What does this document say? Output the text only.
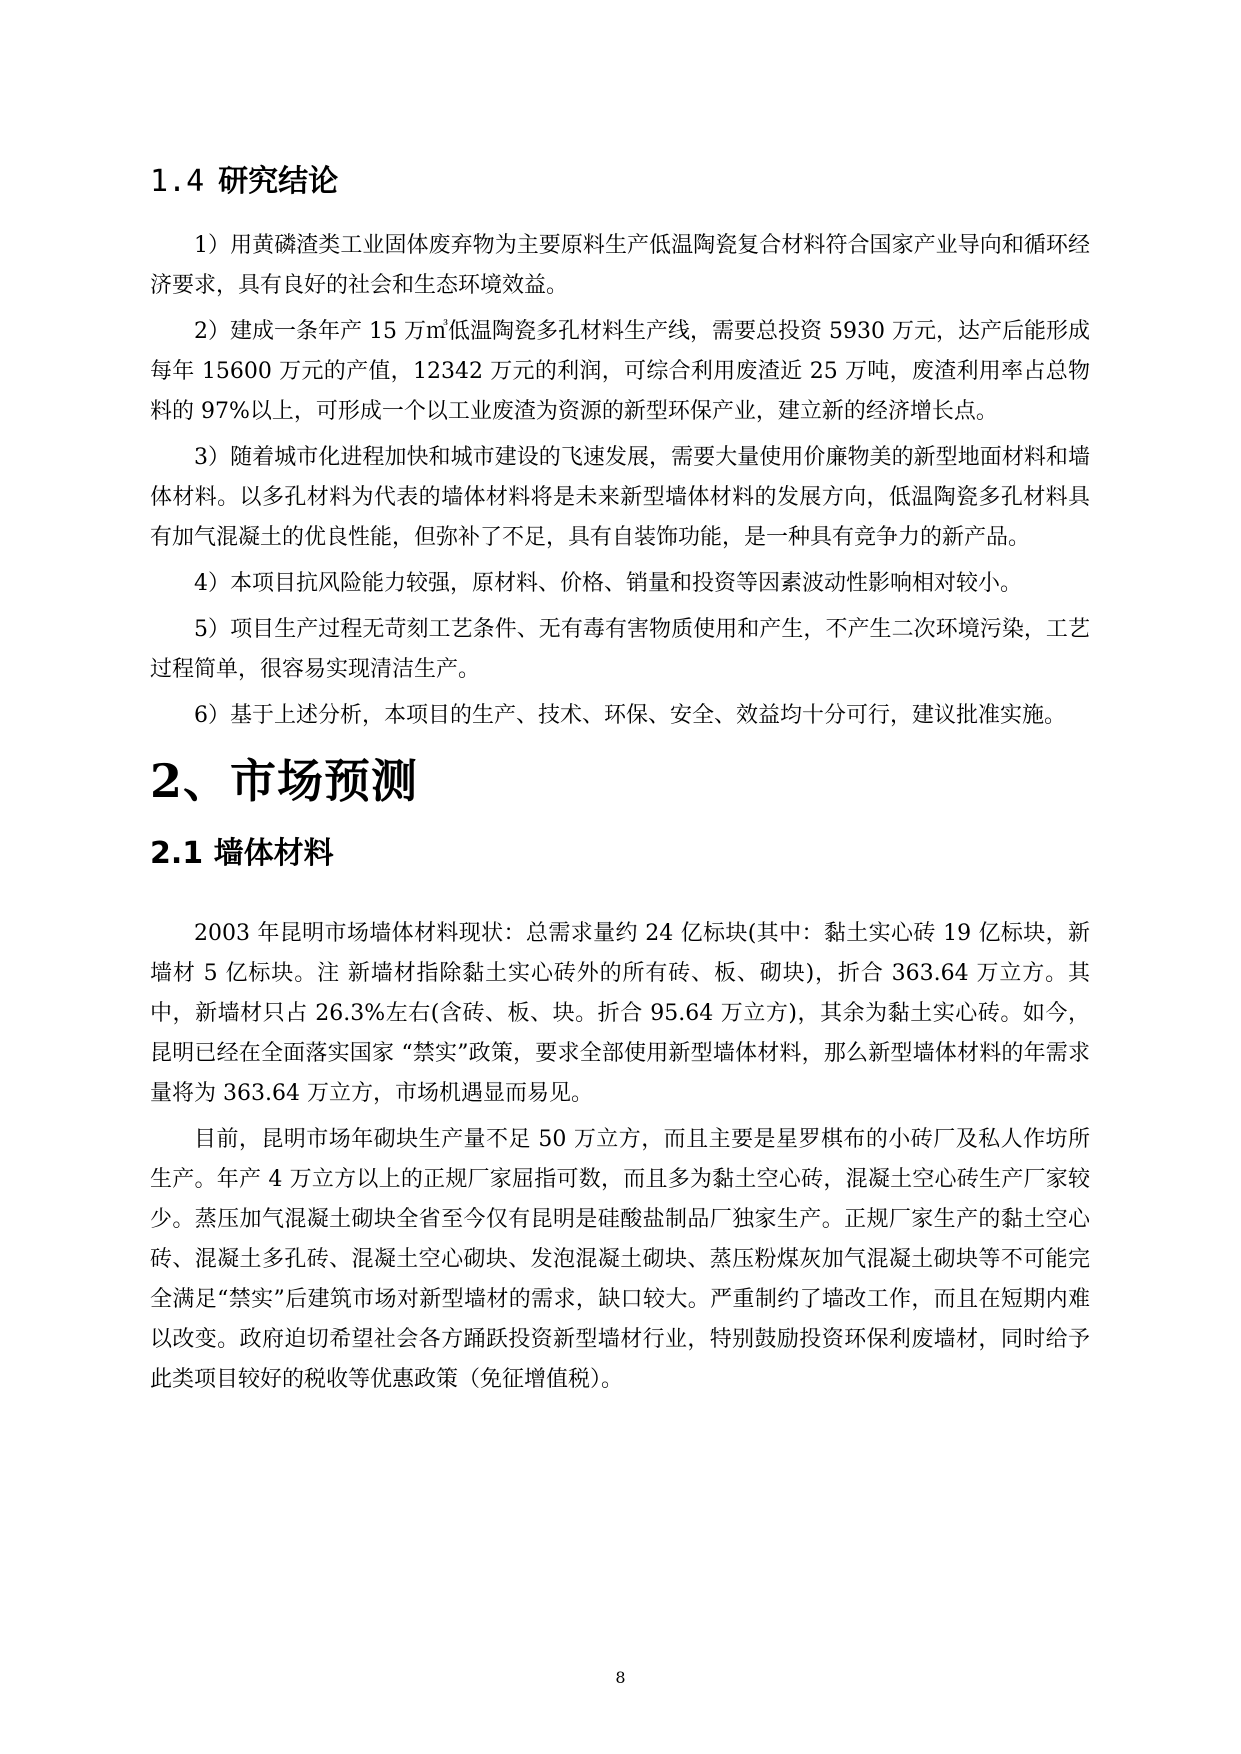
1.4 研究结论

1）用黄磷渣类工业固体废弃物为主要原料生产低温陶瓷复合材料符合国家产业导向和循环经济要求，具有良好的社会和生态环境效益。

2）建成一条年产 15 万㎥低温陶瓷多孔材料生产线，需要总投资 5930 万元，达产后能形成每年 15600 万元的产值，12342 万元的利润，可综合利用废渣近 25 万吨，废渣利用率占总物料的 97%以上，可形成一个以工业废渣为资源的新型环保产业，建立新的经济增长点。

3）随着城市化进程加快和城市建设的飞速发展，需要大量使用价廉物美的新型地面材料和墙体材料。以多孔材料为代表的墙体材料将是未来新型墙体材料的发展方向，低温陶瓷多孔材料具有加气混凝土的优良性能，但弥补了不足，具有自装饰功能，是一种具有竞争力的新产品。

4）本项目抗风险能力较强，原材料、价格、销量和投资等因素波动性影响相对较小。

5）项目生产过程无苛刻工艺条件、无有毒有害物质使用和产生，不产生二次环境污染，工艺过程简单，很容易实现清洁生产。

6）基于上述分析，本项目的生产、技术、环保、安全、效益均十分可行，建议批准实施。

2、市场预测
2.1 墙体材料

2003 年昆明市场墙体材料现状：总需求量约 24 亿标块(其中：黏土实心砖 19 亿标块，新墙材 5 亿标块。注 新墙材指除黏土实心砖外的所有砖、板、砌块)，折合 363.64 万立方。其中，新墙材只占 26.3%左右(含砖、板、块。折合 95.64 万立方)，其余为黏土实心砖。如今，昆明已经在全面落实国家 “禁实”政策，要求全部使用新型墙体材料，那么新型墙体材料的年需求量将为 363.64 万立方，市场机遇显而易见。

目前，昆明市场年砌块生产量不足 50 万立方，而且主要是星罗棋布的小砖厂及私人作坊所生产。年产 4 万立方以上的正规厂家屈指可数，而且多为黏土空心砖，混凝土空心砖生产厂家较少。蒸压加气混凝土砌块全省至今仅有昆明是硅酸盐制品厂独家生产。正规厂家生产的黏土空心砖、混凝土多孔砖、混凝土空心砌块、发泡混凝土砌块、蒸压粉煤灰加气混凝土砌块等不可能完全满足“禁实”后建筑市场对新型墙材的需求，缺口较大。严重制约了墙改工作，而且在短期内难以改变。政府迫切希望社会各方踊跃投资新型墙材行业，特别鼓励投资环保利废墙材，同时给予此类项目较好的税收等优惠政策（免征增值税）。

8
